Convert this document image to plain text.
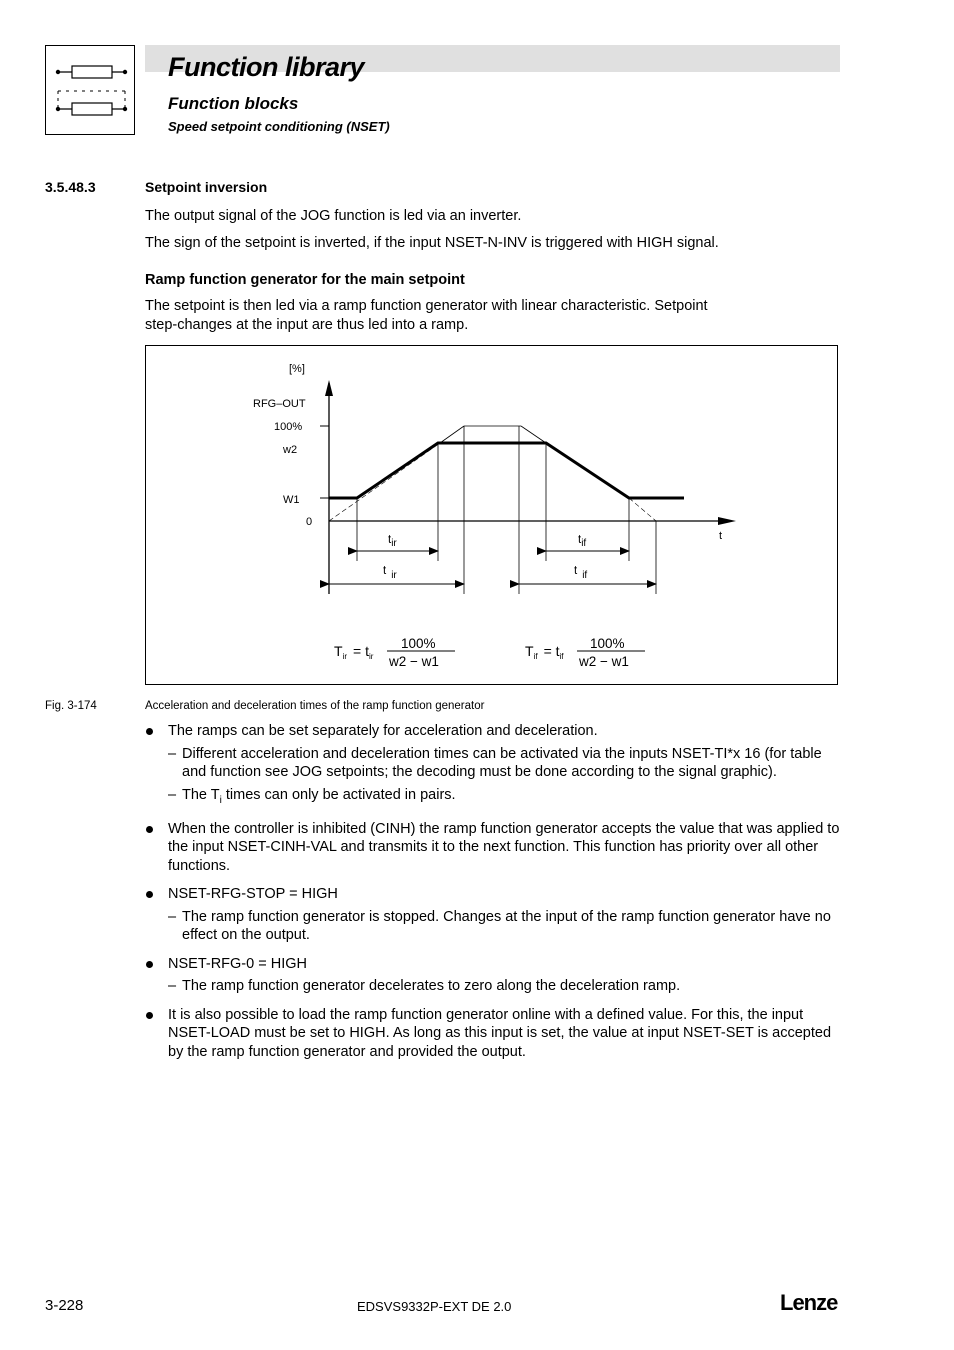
Function library
Function blocks
Speed setpoint conditioning (NSET)
3.5.48.3	Setpoint inversion
The output signal of the JOG function is led via an inverter.
The sign of the setpoint is inverted, if the input NSET-N-INV is triggered with HIGH signal.
Ramp function generator for the main setpoint
The setpoint is then led via a ramp function generator with linear characteristic. Setpoint
step-changes at the input are thus led into a ramp.
[%]
RFG–OUT
100%
w2
W1
0
t
tir	tif
t ir	t if
$T_{ir} = t_{ir}$
100%
w2 − w1
$T_{if} = t_{if}$
100%
w2 − w1
Fig. 3-174	Acceleration and deceleration times of the ramp function generator
The ramps can be set separately for acceleration and deceleration.
– Different acceleration and deceleration times can be activated via the inputs NSET-TI*x 16 (for table and function see JOG setpoints; the decoding must be done according to the signal graphic).
– The $T_i$ times can only be activated in pairs.
When the controller is inhibited (CINH) the ramp function generator accepts the value that was applied to the input NSET-CINH-VAL and transmits it to the next function. This function has priority over all other functions.
NSET-RFG-STOP = HIGH
– The ramp function generator is stopped. Changes at the input of the ramp function generator have no effect on the output.
NSET-RFG-0 = HIGH
– The ramp function generator decelerates to zero along the deceleration ramp.
It is also possible to load the ramp function generator online with a defined value. For this, the input NSET-LOAD must be set to HIGH. As long as this input is set, the value at input NSET-SET is accepted by the ramp function generator and provided the output.
3-228	EDSVS9332P-EXT DE 2.0	Lenze
